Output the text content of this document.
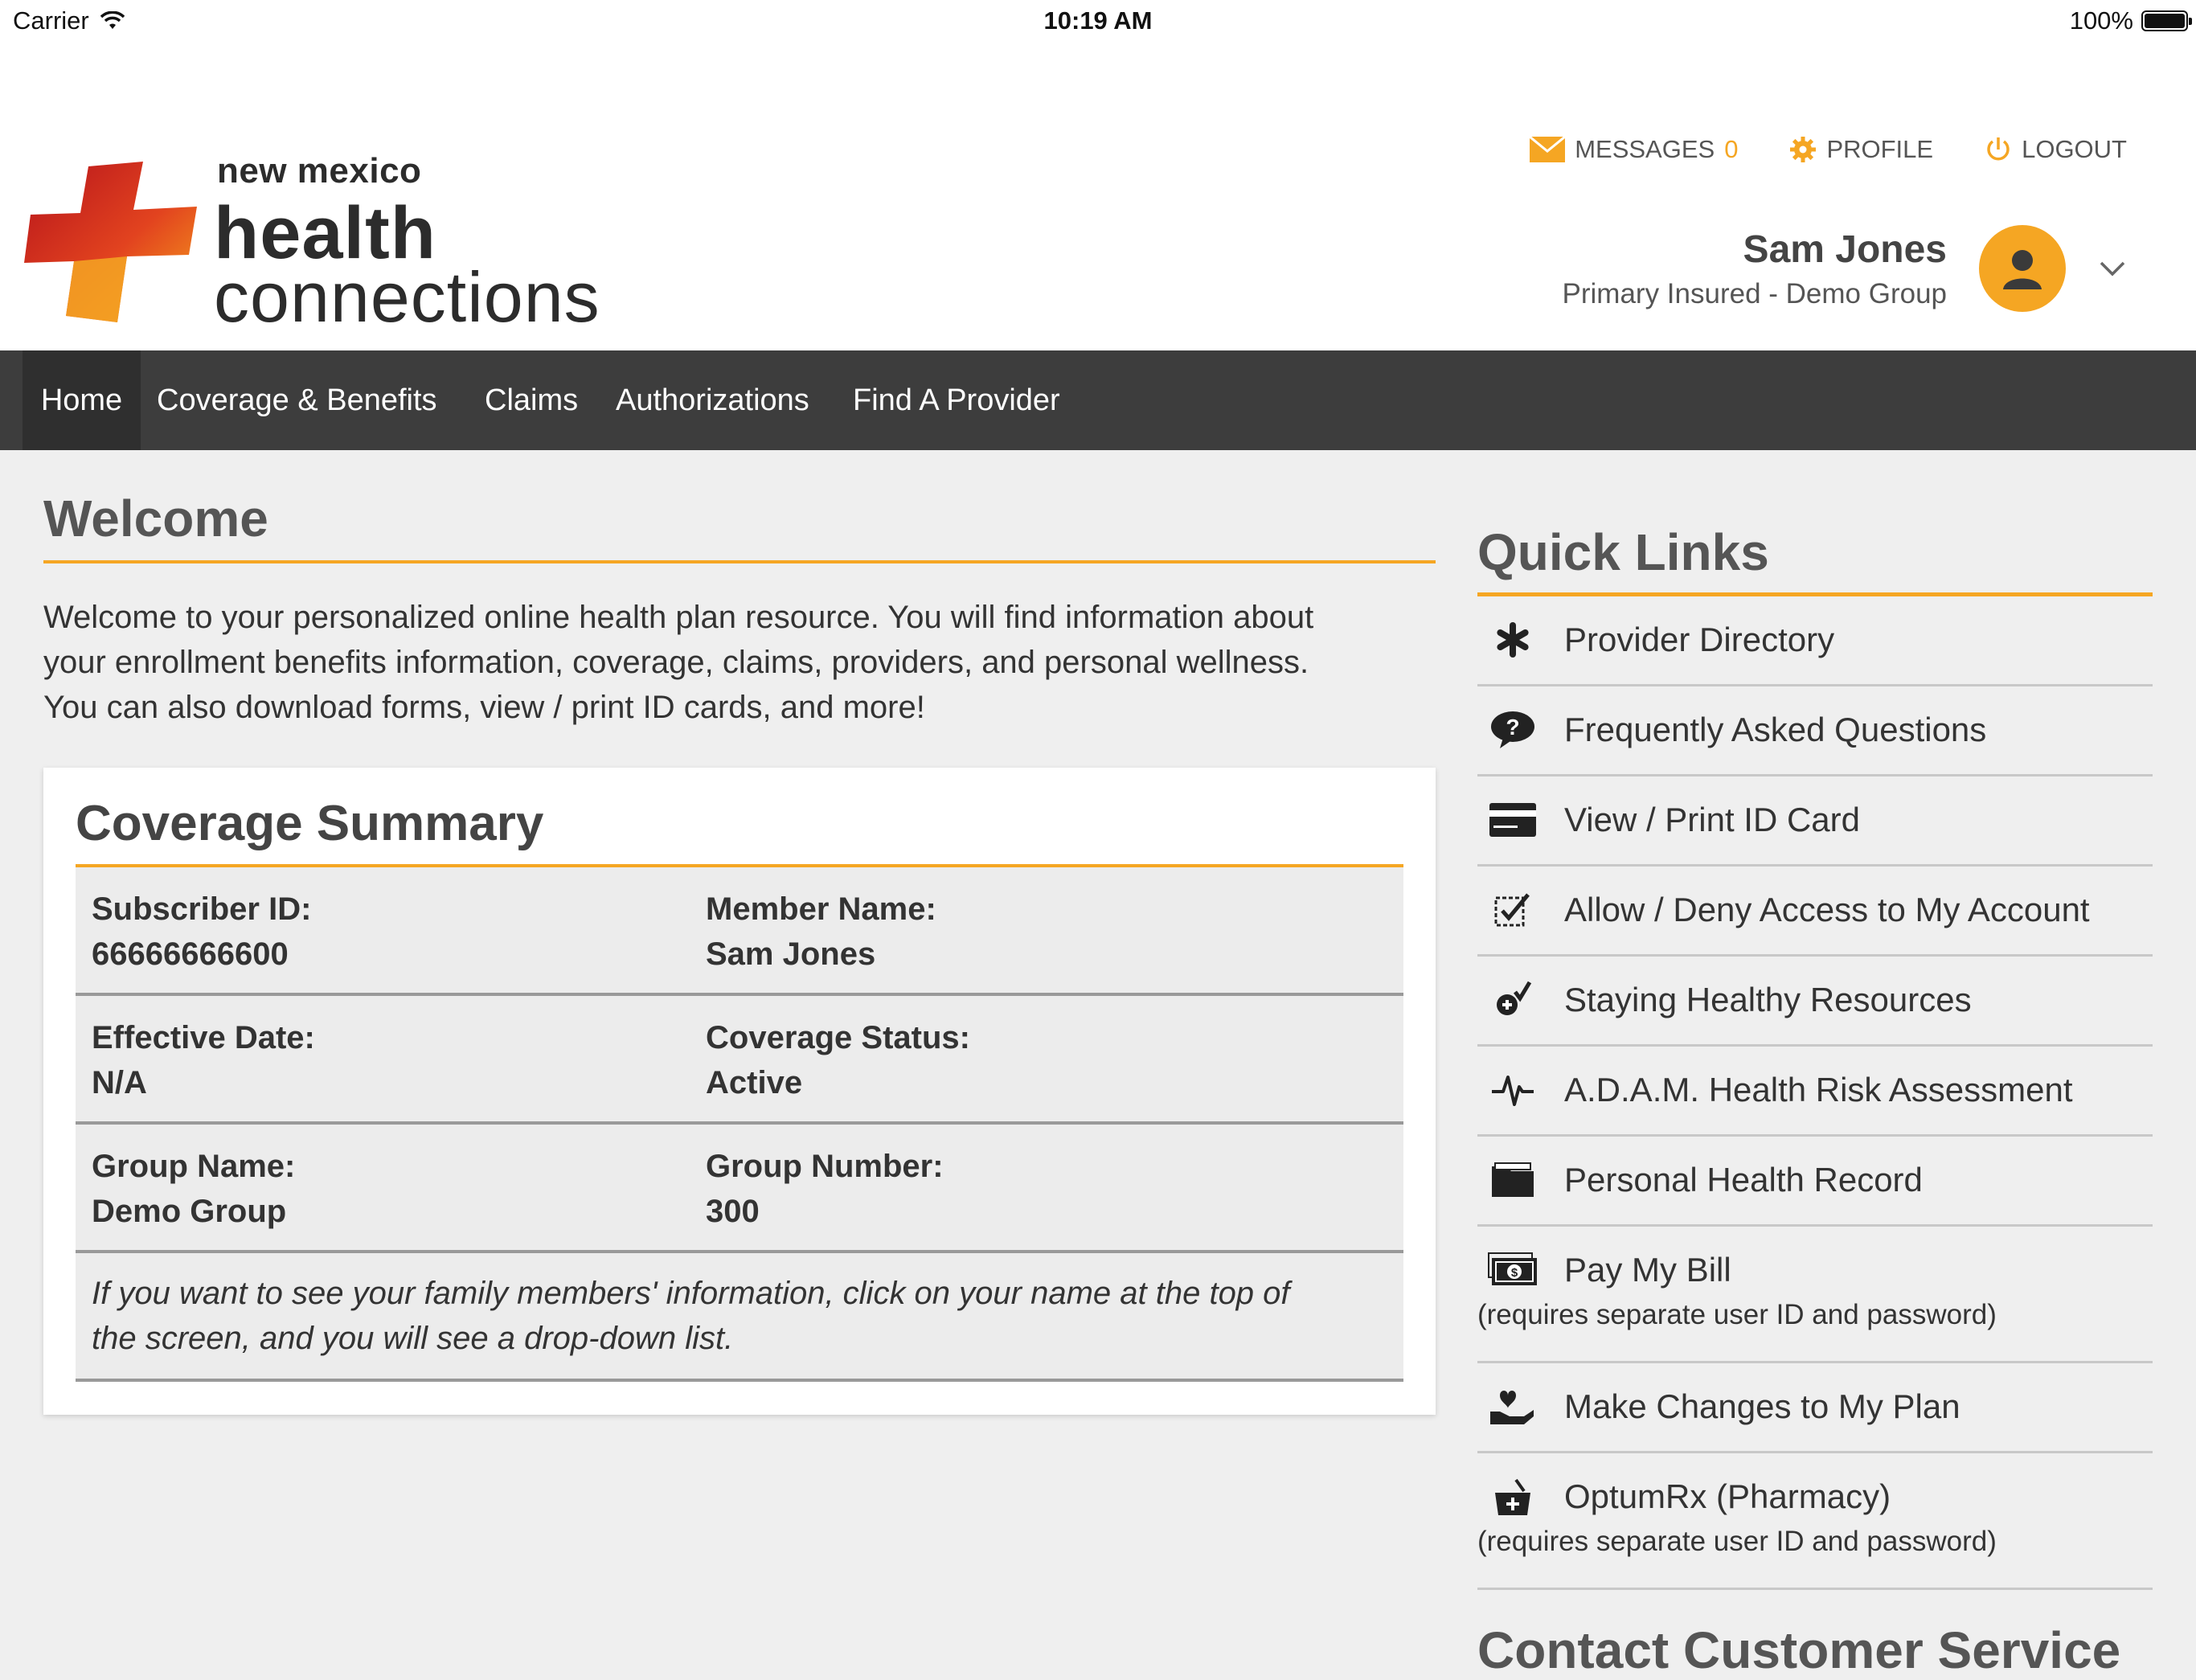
Carrier	10:19 AM	100%
new mexico
health
connections
MESSAGES 0	PROFILE	LOGOUT
Sam Jones
Primary Insured - Demo Group
Home	Coverage & Benefits Claims Authorizations Find A Provider
Welcome
Welcome to your personalized online health plan resource. You will find information about
your enrollment benefits information, coverage, claims, providers, and personal wellness.
You can also download forms, view / print ID cards, and more!
Coverage Summary
Subscriber ID:
66666666600
Member Name:
Sam Jones
Effective Date:
N/A
Coverage Status:
Active
Group Name:
Demo Group
Group Number:
300
If you want to see your family members' information, click on your name at the top of
the screen, and you will see a drop-down list.
Quick Links
Provider Directory
? Frequently Asked Questions
View / Print ID Card
Allow / Deny Access to My Account
Staying Healthy Resources
A.D.A.M. Health Risk Assessment
Personal Health Record
$ Pay My Bill
(requires separate user ID and password)
Make Changes to My Plan
OptumRx (Pharmacy)
(requires separate user ID and password)
Contact Customer Service
